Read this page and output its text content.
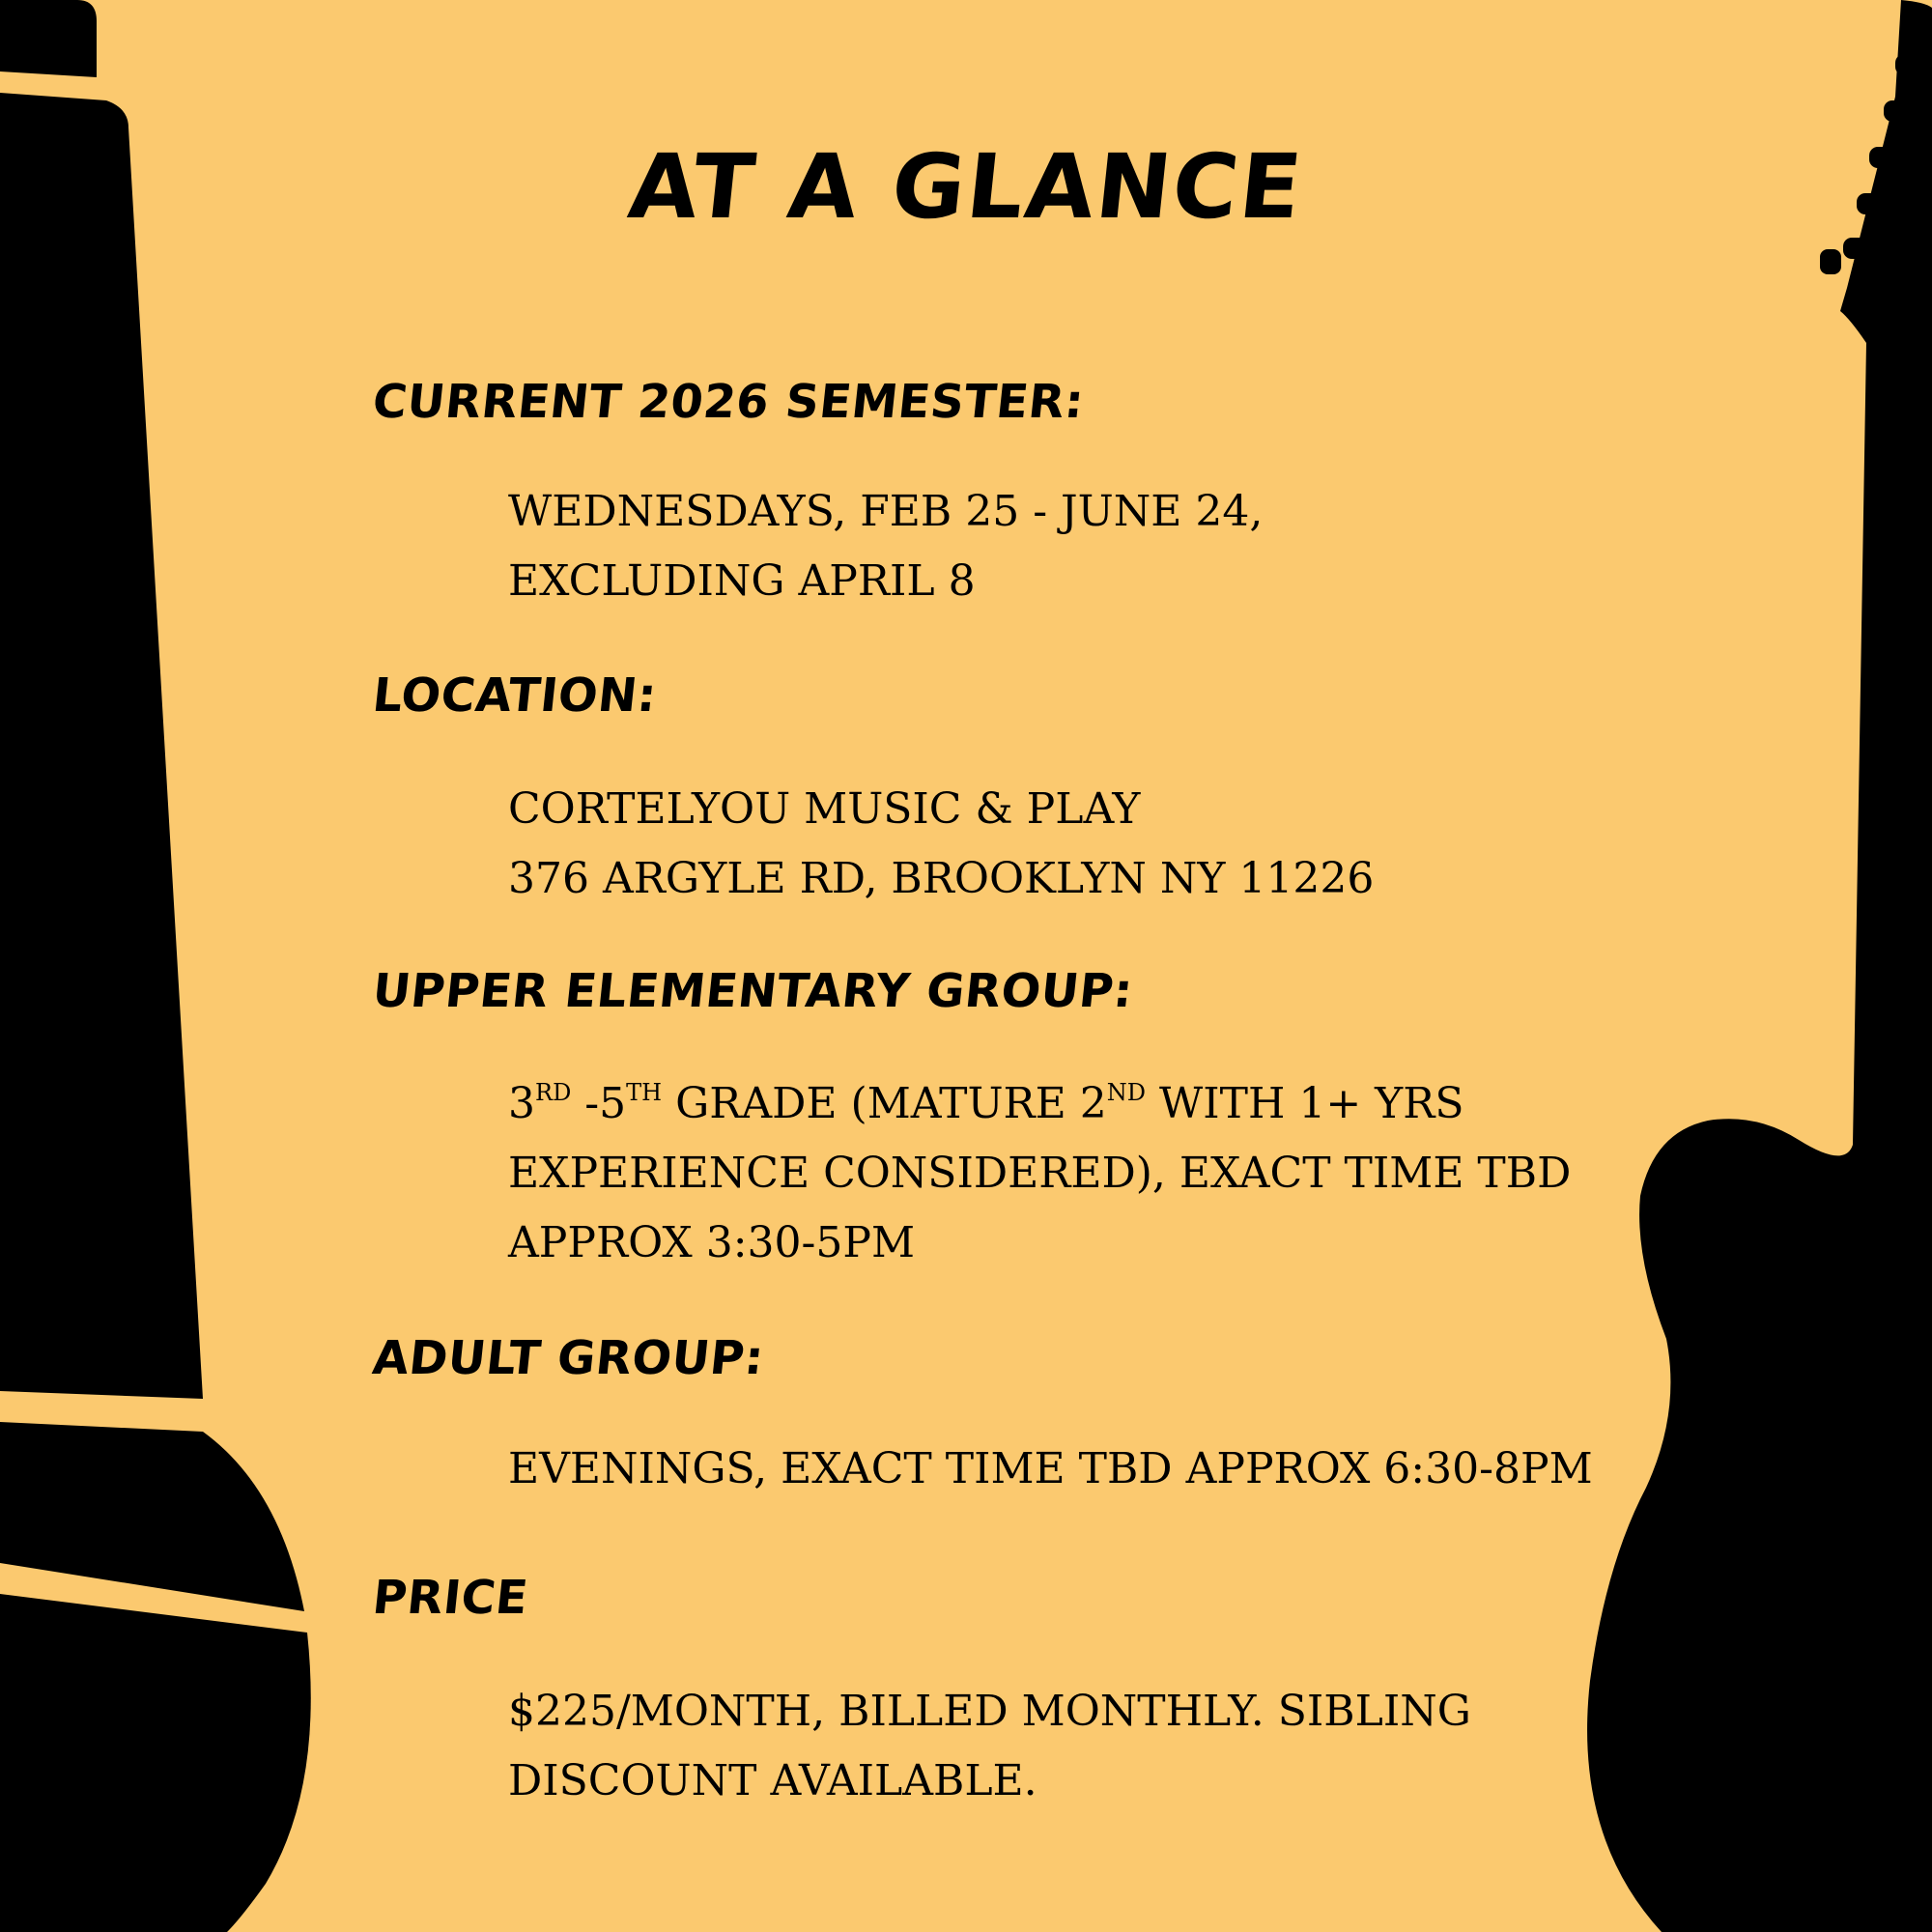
AT A GLANCE
CURRENT 2026 SEMESTER:
WEDNESDAYS, FEB 25 - JUNE 24,
EXCLUDING APRIL 8
LOCATION:
CORTELYOU MUSIC & PLAY
376 ARGYLE RD, BROOKLYN NY 11226
UPPER ELEMENTARY GROUP:
3RD -5TH GRADE (MATURE 2ND WITH 1+ YRS
EXPERIENCE CONSIDERED), EXACT TIME TBD
APPROX 3:30-5PM
ADULT GROUP:
EVENINGS, EXACT TIME TBD APPROX 6:30-8PM
PRICE
$225/MONTH, BILLED MONTHLY. SIBLING
DISCOUNT AVAILABLE.
